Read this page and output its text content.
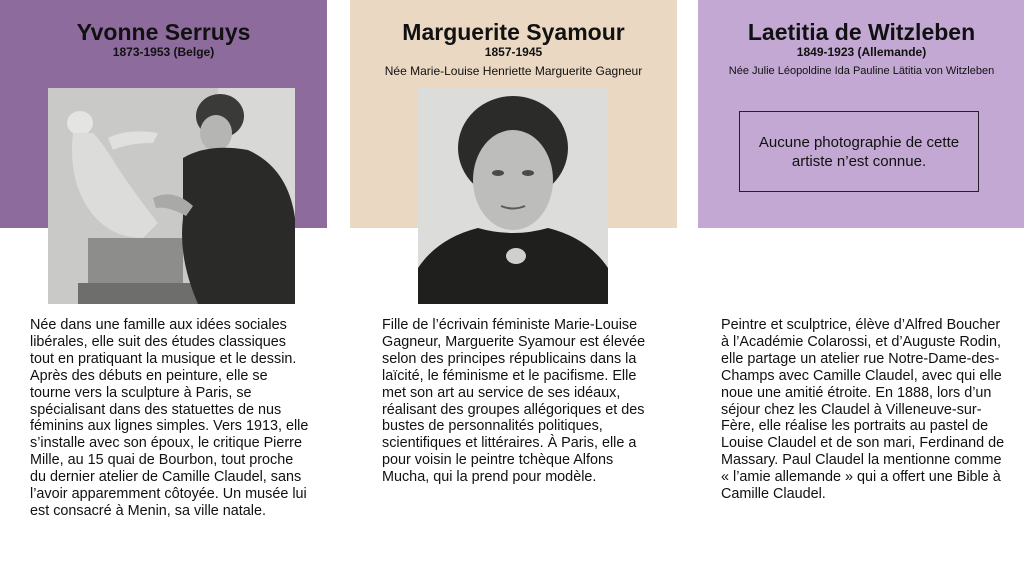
Yvonne Serruys
1873-1953 (Belge)
Née dans une famille aux idées sociales libérales, elle suit des études classiques tout en pratiquant la musique et le dessin. Après des débuts en peinture, elle se tourne vers la sculpture à Paris, se spécialisant dans des statuettes de nus féminins aux lignes simples. Vers 1913, elle s’installe avec son époux, le critique Pierre Mille, au 15 quai de Bourbon, tout proche du dernier atelier de Camille Claudel, sans l’avoir apparemment côtoyée. Un musée lui est consacré à Menin, sa ville natale.
Marguerite Syamour
1857-1945
Née Marie-Louise Henriette Marguerite Gagneur
Fille de l’écrivain féministe Marie-Louise Gagneur, Marguerite Syamour est élevée selon des principes républicains dans la laïcité, le féminisme et le pacifisme. Elle met son art au service de ses idéaux, réalisant des groupes allégoriques et des bustes de personnalités politiques, scientifiques et littéraires. À Paris, elle a pour voisin le peintre tchèque Alfons Mucha, qui la prend pour modèle.
Laetitia de Witzleben
1849-1923 (Allemande)
Née Julie Léopoldine Ida Pauline Lätitia von Witzleben
Aucune photographie de cette artiste n’est connue.
Peintre et sculptrice, élève d’Alfred Boucher à l’Académie Colarossi, et d’Auguste Rodin, elle partage un atelier rue Notre-Dame-des-Champs avec Camille Claudel, avec qui elle noue une amitié étroite. En 1888, lors d’un séjour chez les Claudel à Villeneuve-sur-Fère, elle réalise les portraits au pastel de Louise Claudel et de son mari, Ferdinand de Massary. Paul Claudel la mentionne comme « l’amie allemande » qui a offert une Bible à Camille Claudel.
